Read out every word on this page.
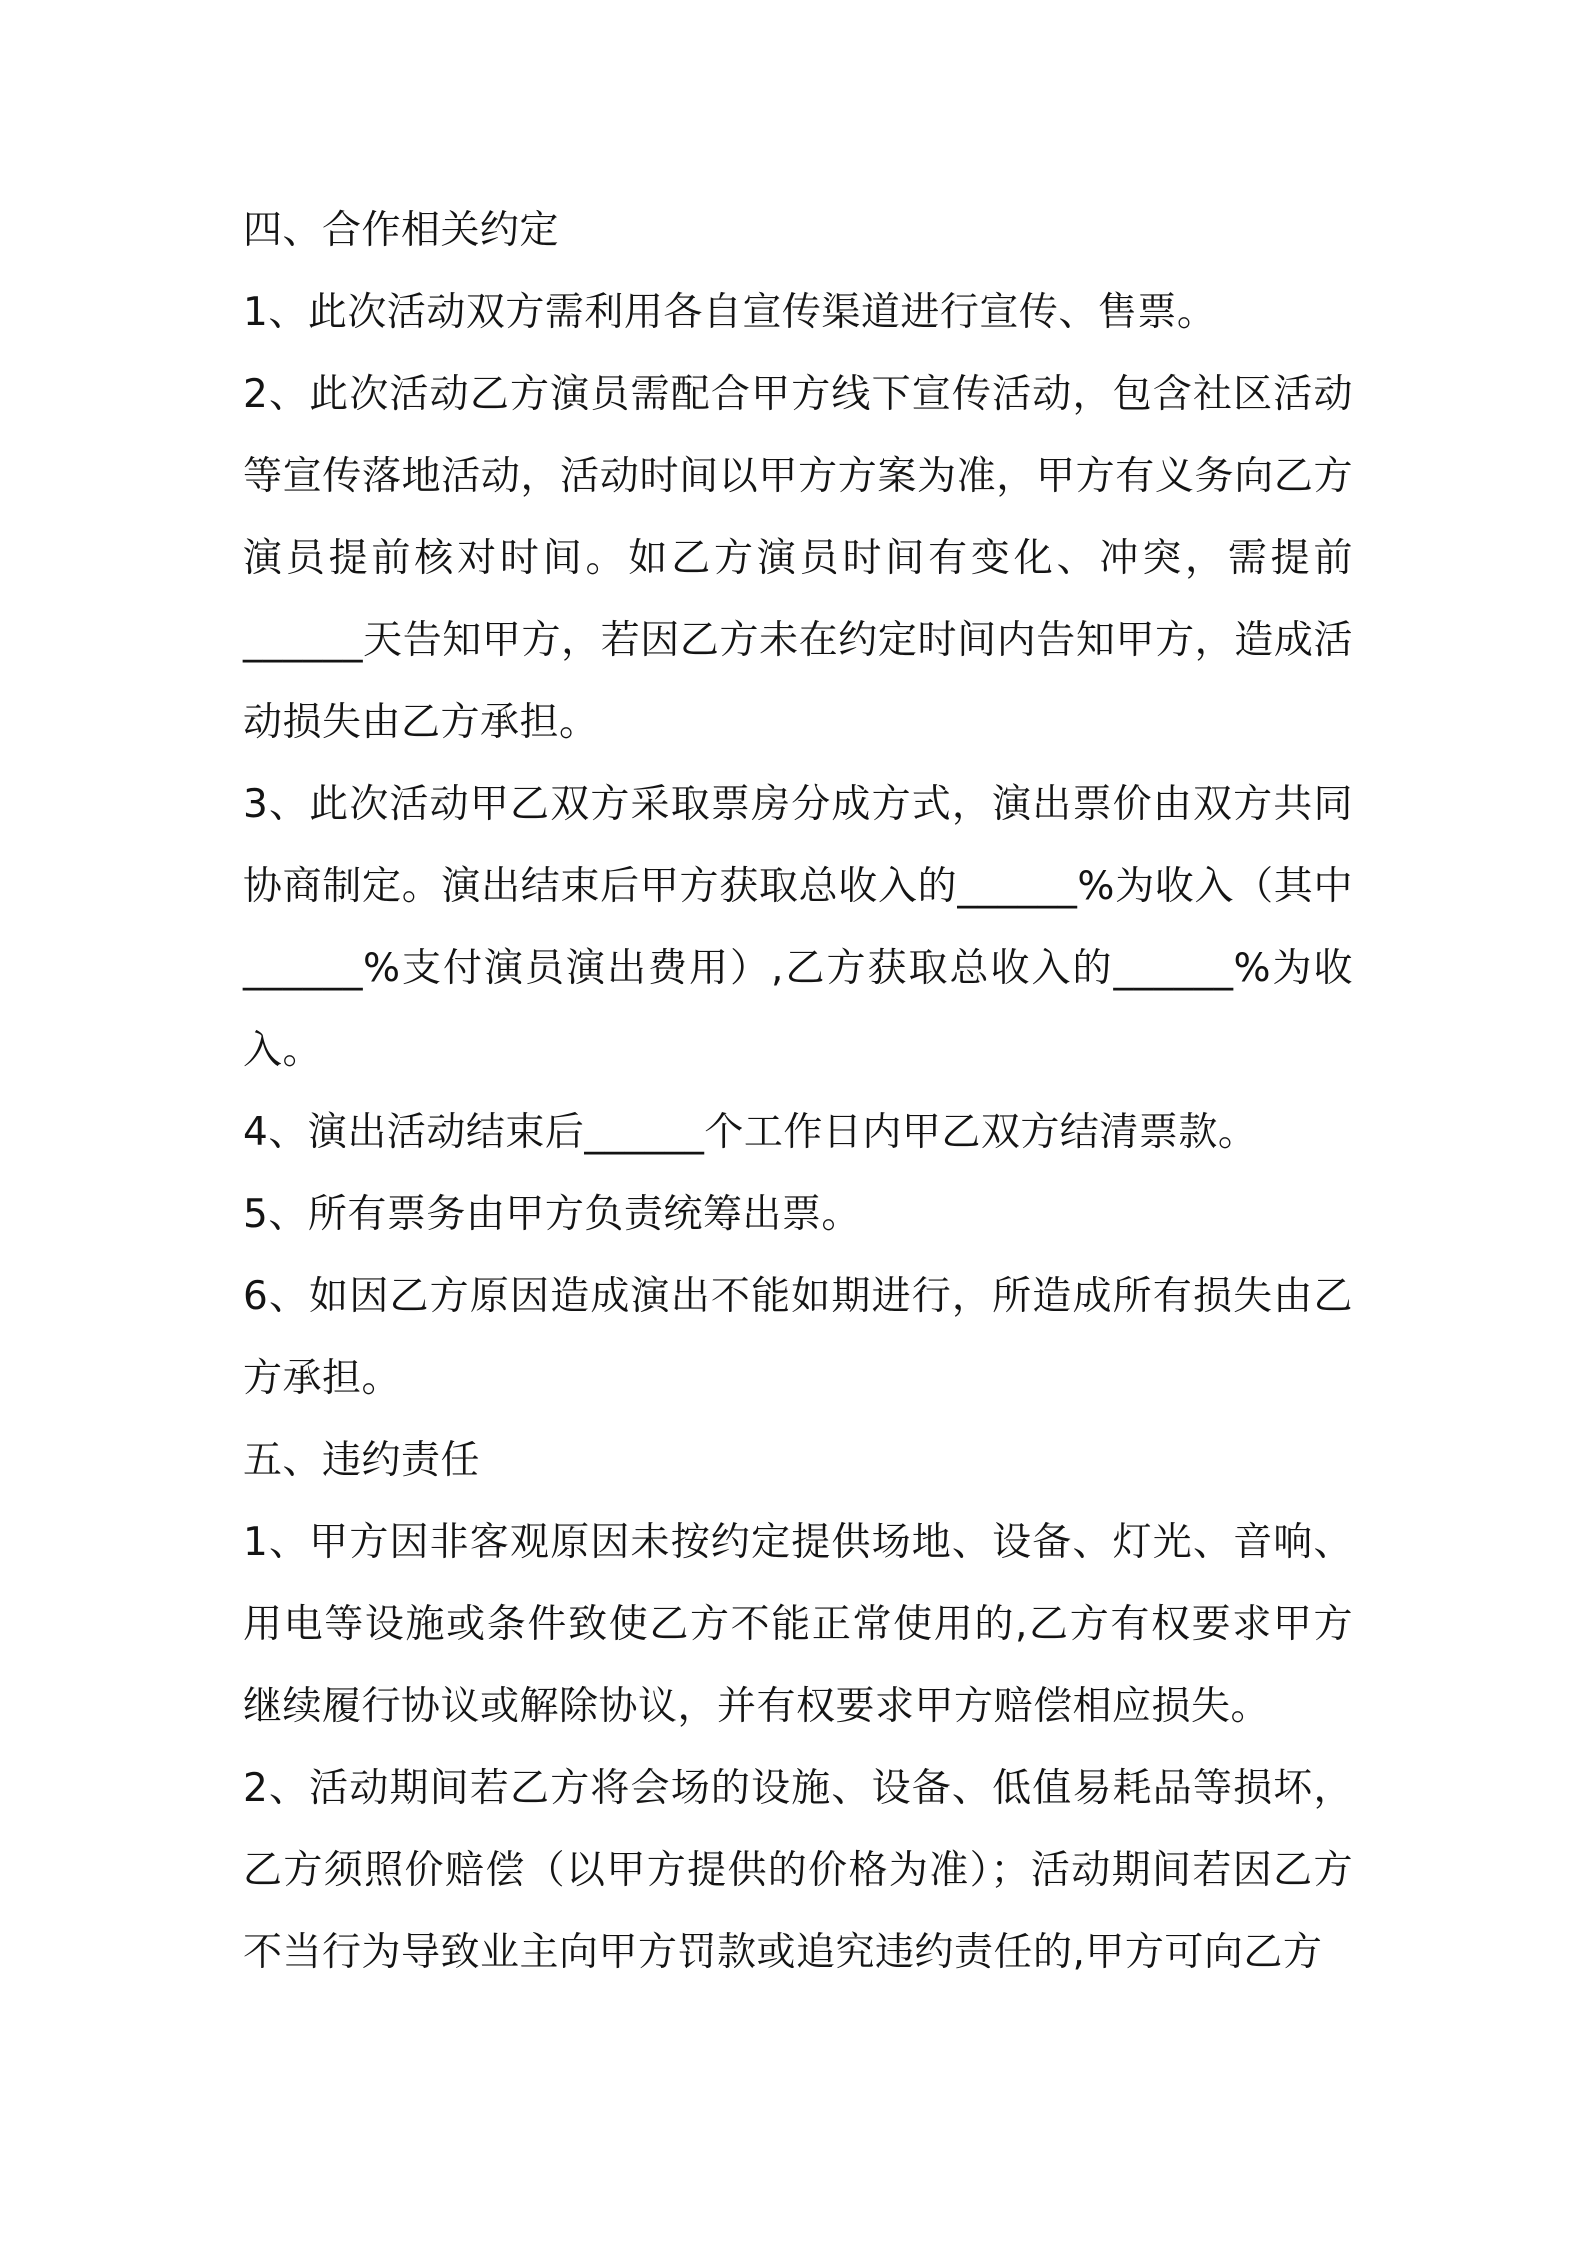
四、合作相关约定

1、此次活动双方需利用各自宣传渠道进行宣传、售票。

2、此次活动乙方演员需配合甲方线下宣传活动，包含社区活动等宣传落地活动，活动时间以甲方方案为准，甲方有义务向乙方演员提前核对时间。如乙方演员时间有变化、冲突，需提前______天告知甲方，若因乙方未在约定时间内告知甲方，造成活动损失由乙方承担。

3、此次活动甲乙双方采取票房分成方式，演出票价由双方共同协商制定。演出结束后甲方获取总收入的______%为收入（其中______%支付演员演出费用）,乙方获取总收入的______%为收入。

4、演出活动结束后______个工作日内甲乙双方结清票款。

5、所有票务由甲方负责统筹出票。

6、如因乙方原因造成演出不能如期进行，所造成所有损失由乙方承担。

五、违约责任

1、甲方因非客观原因未按约定提供场地、设备、灯光、音响、用电等设施或条件致使乙方不能正常使用的,乙方有权要求甲方继续履行协议或解除协议，并有权要求甲方赔偿相应损失。

2、活动期间若乙方将会场的设施、设备、低值易耗品等损坏，乙方须照价赔偿（以甲方提供的价格为准）；活动期间若因乙方不当行为导致业主向甲方罚款或追究违约责任的,甲方可向乙方
